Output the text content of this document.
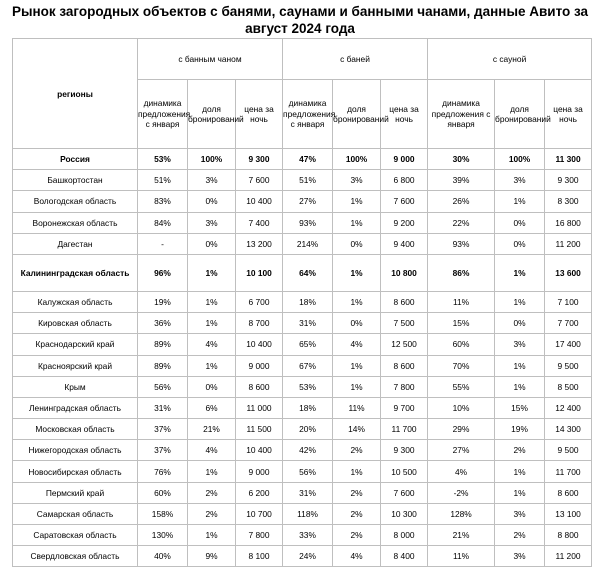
Рынок загородных объектов с банями, саунами и банными чанами, данные Авито за
август 2024 года
регионы	с банным чаном			с баней			с сауной		
	динамика предложения с января	доля бронирований	цена за ночь	динамика предложения с января	доля бронирований	цена за ночь	динамика предложения с января	доля бронирований	цена за ночь
Россия	53%	100%	9 300	47%	100%	9 000	30%	100%	11 300
Башкортостан	51%	3%	7 600	51%	3%	6 800	39%	3%	9 300
Вологодская область	83%	0%	10 400	27%	1%	7 600	26%	1%	8 300
Воронежская область	84%	3%	7 400	93%	1%	9 200	22%	0%	16 800
Дагестан	-	0%	13 200	214%	0%	9 400	93%	0%	11 200
Калининградская область	96%	1%	10 100	64%	1%	10 800	86%	1%	13 600
Калужская область	19%	1%	6 700	18%	1%	8 600	11%	1%	7 100
Кировская область	36%	1%	8 700	31%	0%	7 500	15%	0%	7 700
Краснодарский край	89%	4%	10 400	65%	4%	12 500	60%	3%	17 400
Красноярский край	89%	1%	9 000	67%	1%	8 600	70%	1%	9 500
Крым	56%	0%	8 600	53%	1%	7 800	55%	1%	8 500
Ленинградская область	31%	6%	11 000	18%	11%	9 700	10%	15%	12 400
Московская область	37%	21%	11 500	20%	14%	11 700	29%	19%	14 300
Нижегородская область	37%	4%	10 400	42%	2%	9 300	27%	2%	9 500
Новосибирская область	76%	1%	9 000	56%	1%	10 500	4%	1%	11 700
Пермский край	60%	2%	6 200	31%	2%	7 600	-2%	1%	8 600
Самарская область	158%	2%	10 700	118%	2%	10 300	128%	3%	13 100
Саратовская область	130%	1%	7 800	33%	2%	8 000	21%	2%	8 800
Свердловская область	40%	9%	8 100	24%	4%	8 400	11%	3%	11 200
